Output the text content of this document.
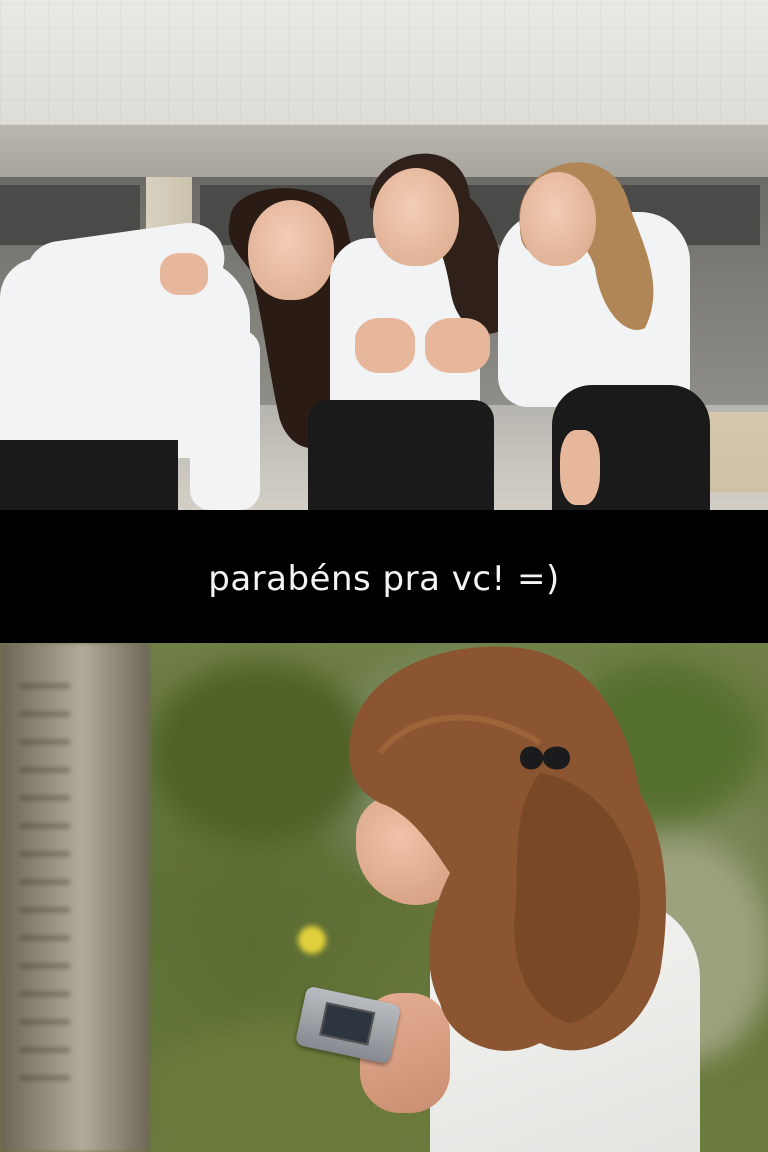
parabéns pra vc! =)
